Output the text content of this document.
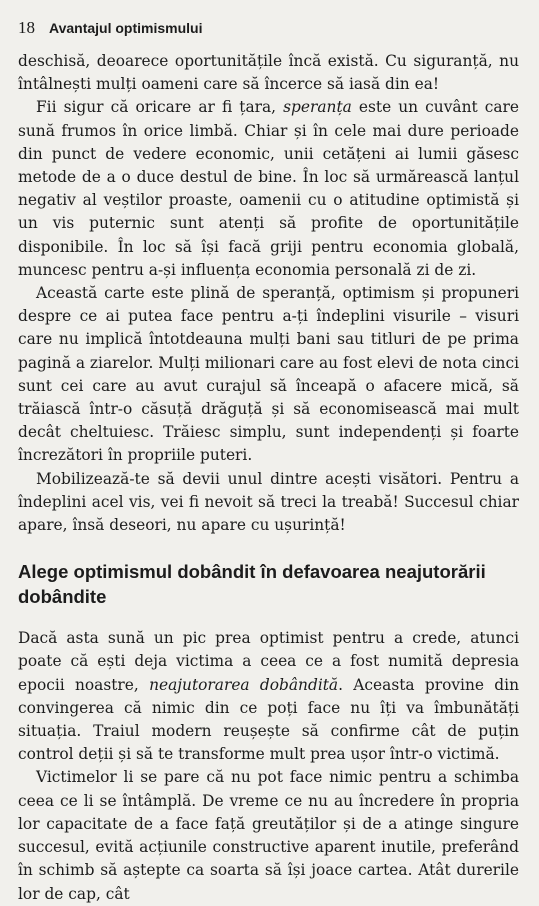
18 Avantajul optimismului

deschisă, deoarece oportunitățile încă există. Cu siguranță, nu întâlnești mulți oameni care să încerce să iasă din ea!

Fii sigur că oricare ar fi țara, speranța este un cuvânt care sună frumos în orice limbă. Chiar și în cele mai dure perioade din punct de vedere economic, unii cetățeni ai lumii găsesc metode de a o duce destul de bine. În loc să urmărească lanțul negativ al veștilor proaste, oamenii cu o atitudine optimistă și un vis puternic sunt atenți să profite de oportunitățile disponibile. În loc să își facă griji pentru economia globală, muncesc pentru a-și influența economia personală zi de zi.

Această carte este plină de speranță, optimism și propuneri despre ce ai putea face pentru a-ți îndeplini visurile – visuri care nu implică întotdeauna mulți bani sau titluri de pe prima pagină a ziarelor. Mulți milionari care au fost elevi de nota cinci sunt cei care au avut curajul să înceapă o afacere mică, să trăiască într-o căsuță drăguță și să economisească mai mult decât cheltuiesc. Trăiesc simplu, sunt independenți și foarte încrezători în propriile puteri.

Mobilizează-te să devii unul dintre acești visători. Pentru a îndeplini acel vis, vei fi nevoit să treci la treabă! Succesul chiar apare, însă deseori, nu apare cu ușurință!

Alege optimismul dobândit în defavoarea neajutorării dobândite

Dacă asta sună un pic prea optimist pentru a crede, atunci poate că ești deja victima a ceea ce a fost numită depresia epocii noastre, neajutorarea dobândită. Aceasta provine din convingerea că nimic din ce poți face nu îți va îmbunătăți situația. Traiul modern reușește să confirme cât de puțin control deții și să te transforme mult prea ușor într-o victimă.

Victimelor li se pare că nu pot face nimic pentru a schimba ceea ce li se întâmplă. De vreme ce nu au încredere în propria lor capacitate de a face față greutăților și de a atinge singure succesul, evită acțiunile constructive aparent inutile, preferând în schimb să aștepte ca soarta să își joace cartea. Atât durerile lor de cap, cât
